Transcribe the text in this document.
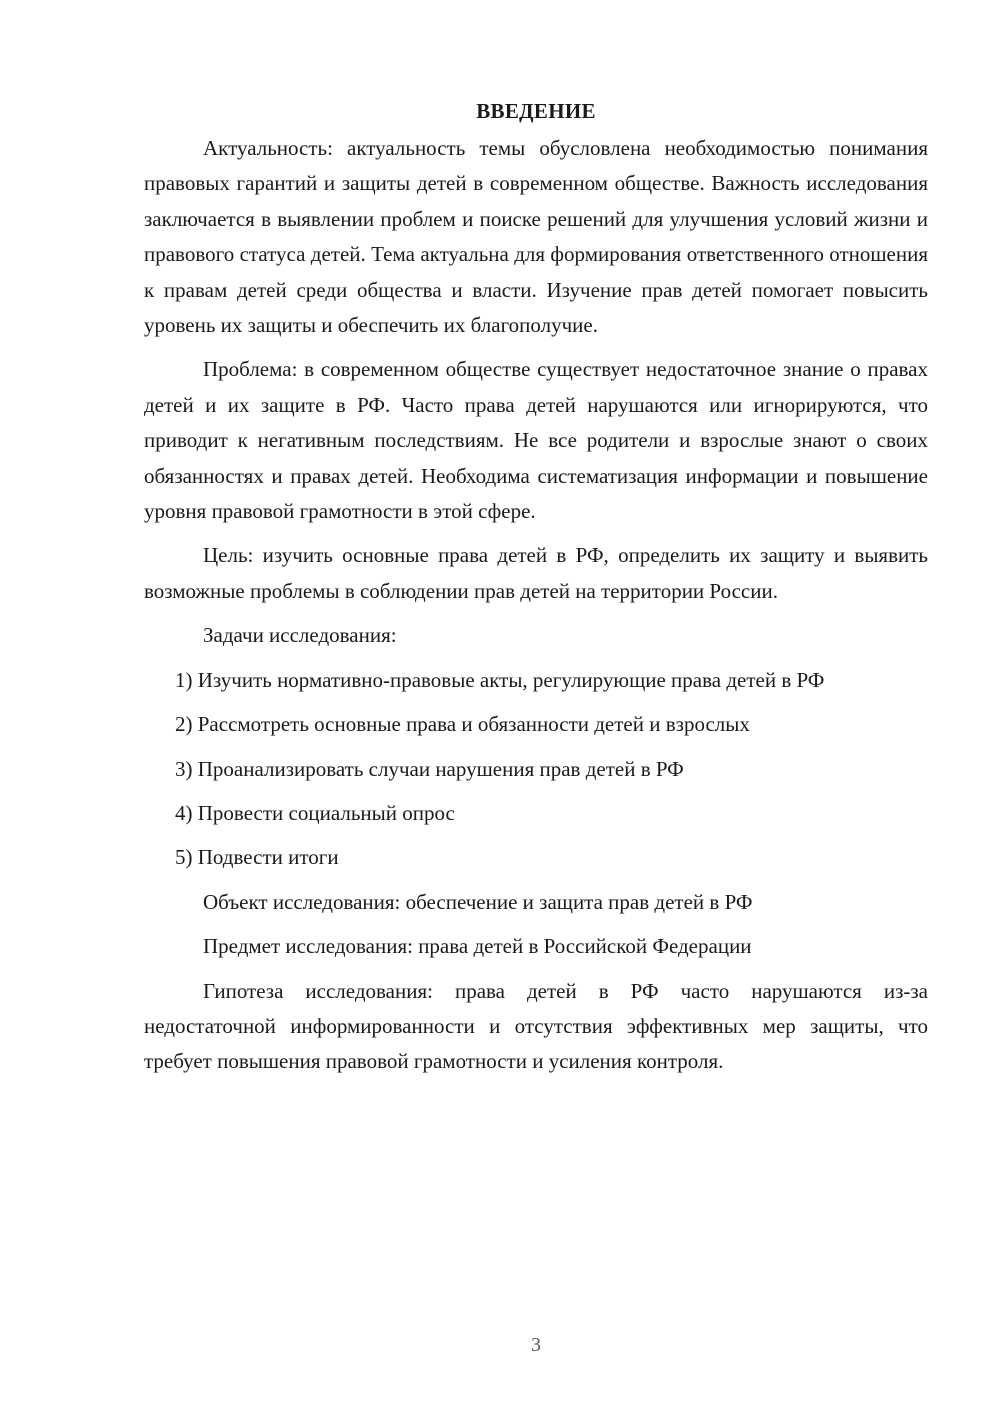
ВВЕДЕНИЕ

Актуальность: актуальность темы обусловлена необходимостью понимания правовых гарантий и защиты детей в современном обществе. Важность исследования заключается в выявлении проблем и поиске решений для улучшения условий жизни и правового статуса детей. Тема актуальна для формирования ответственного отношения к правам детей среди общества и власти. Изучение прав детей помогает повысить уровень их защиты и обеспечить их благополучие.

Проблема: в современном обществе существует недостаточное знание о правах детей и их защите в РФ. Часто права детей нарушаются или игнорируются, что приводит к негативным последствиям. Не все родители и взрослые знают о своих обязанностях и правах детей. Необходима систематизация информации и повышение уровня правовой грамотности в этой сфере.

Цель: изучить основные права детей в РФ, определить их защиту и выявить возможные проблемы в соблюдении прав детей на территории России.

Задачи исследования:

1) Изучить нормативно-правовые акты, регулирующие права детей в РФ

2) Рассмотреть основные права и обязанности детей и взрослых

3) Проанализировать случаи нарушения прав детей в РФ

4) Провести социальный опрос

5) Подвести итоги

Объект исследования: обеспечение и защита прав детей в РФ

Предмет исследования: права детей в Российской Федерации

Гипотеза исследования: права детей в РФ часто нарушаются из-за недостаточной информированности и отсутствия эффективных мер защиты, что требует повышения правовой грамотности и усиления контроля.

3
